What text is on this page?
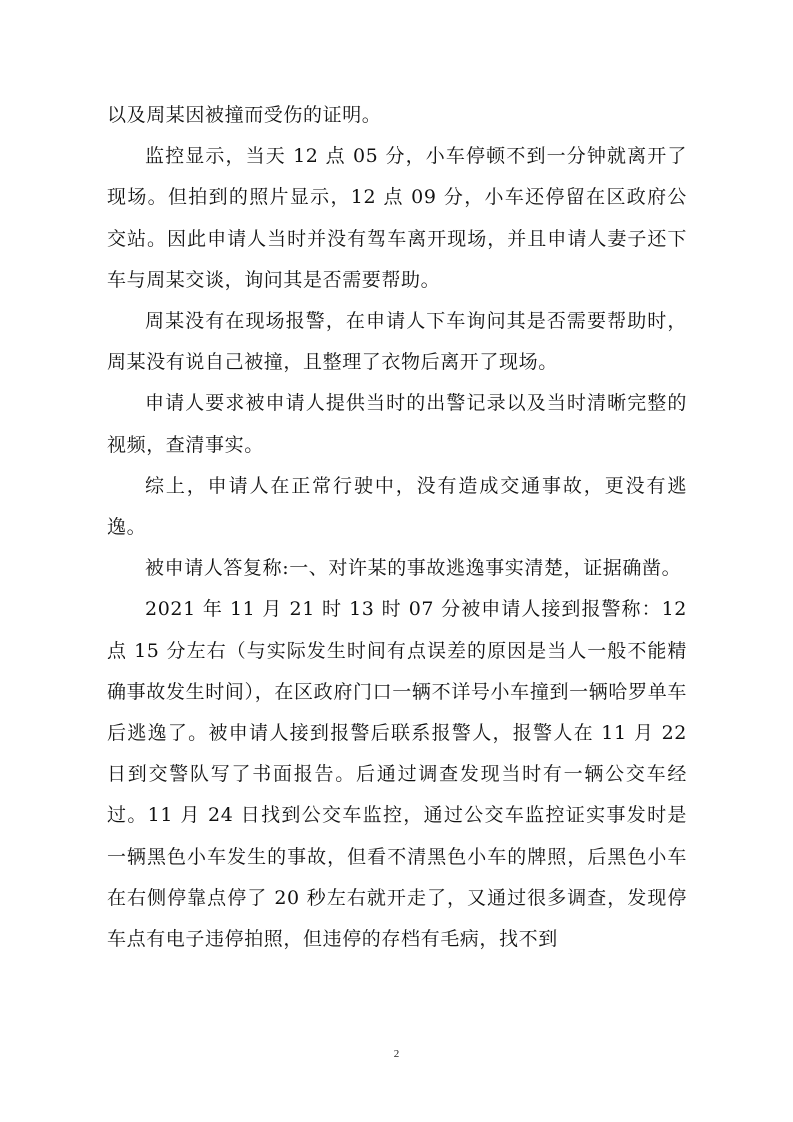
以及周某因被撞而受伤的证明。

监控显示，当天 12 点 05 分，小车停顿不到一分钟就离开了现场。但拍到的照片显示，12 点 09 分，小车还停留在区政府公交站。因此申请人当时并没有驾车离开现场，并且申请人妻子还下车与周某交谈，询问其是否需要帮助。

周某没有在现场报警，在申请人下车询问其是否需要帮助时，周某没有说自己被撞，且整理了衣物后离开了现场。

申请人要求被申请人提供当时的出警记录以及当时清晰完整的视频，查清事实。

综上，申请人在正常行驶中，没有造成交通事故，更没有逃逸。

被申请人答复称:一、对许某的事故逃逸事实清楚，证据确凿。

2021 年 11 月 21 时 13 时 07 分被申请人接到报警称：12 点 15 分左右（与实际发生时间有点误差的原因是当人一般不能精确事故发生时间），在区政府门口一辆不详号小车撞到一辆哈罗单车后逃逸了。被申请人接到报警后联系报警人，报警人在 11 月 22 日到交警队写了书面报告。后通过调查发现当时有一辆公交车经过。11 月 24 日找到公交车监控，通过公交车监控证实事发时是一辆黑色小车发生的事故，但看不清黑色小车的牌照，后黑色小车在右侧停靠点停了 20 秒左右就开走了，又通过很多调查，发现停车点有电子违停拍照，但违停的存档有毛病，找不到

2
